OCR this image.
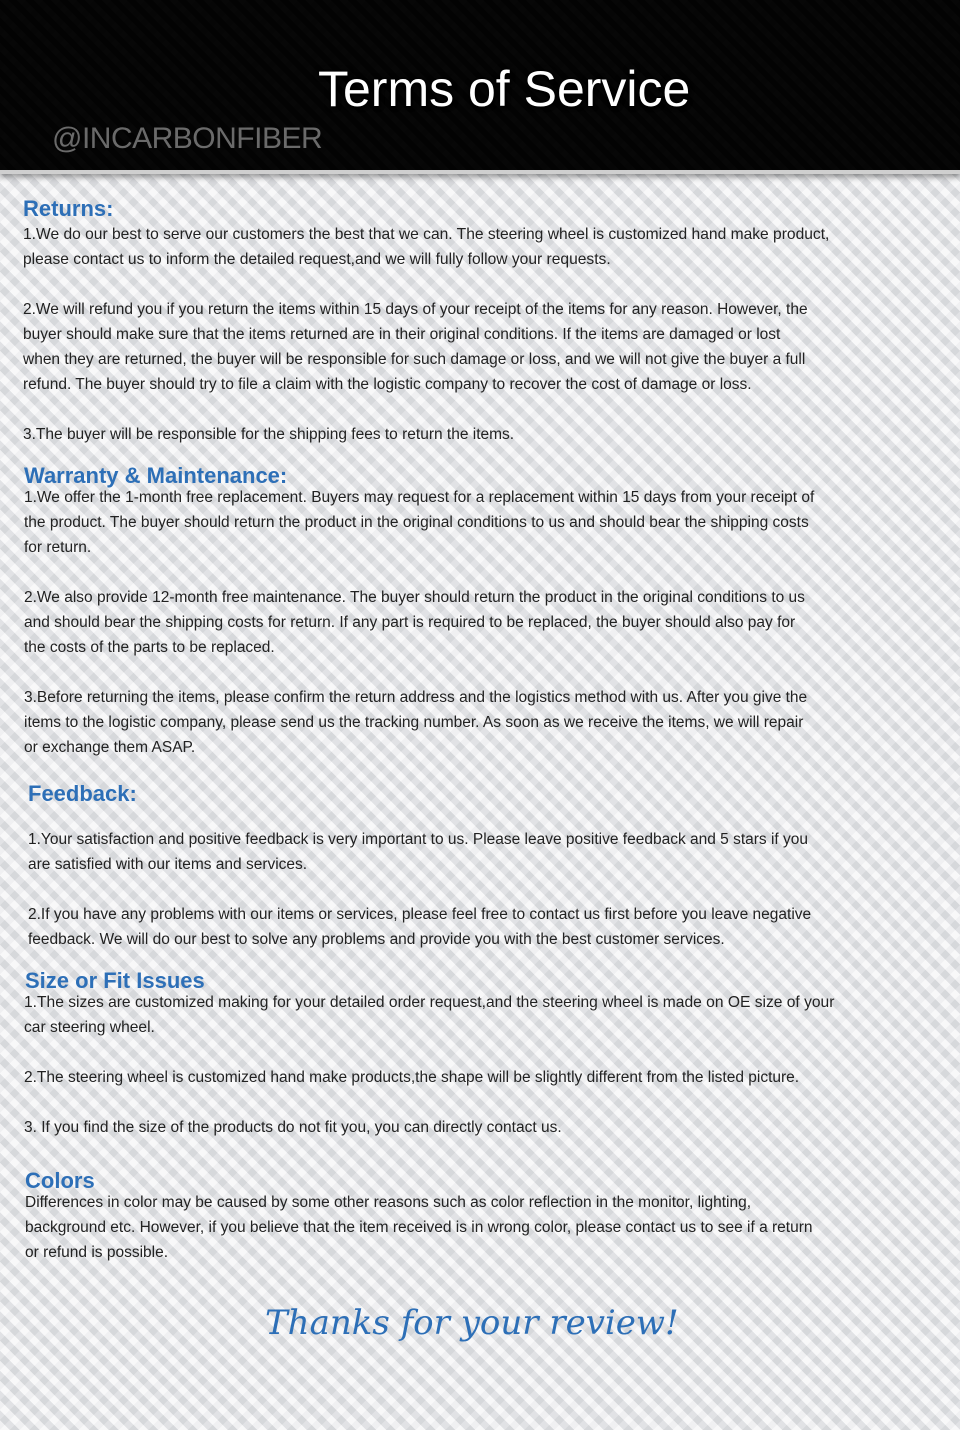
Terms of Service
@INCARBONFIBER
Returns:

1.We do our best to serve our customers the best that we can. The steering wheel is customized hand make product,
please contact us to inform the detailed request,and we will fully follow your requests.

2.We will refund you if you return the items within 15 days of your receipt of the items for any reason. However, the
buyer should make sure that the items returned are in their original conditions. If the items are damaged or lost
when they are returned, the buyer will be responsible for such damage or loss, and we will not give the buyer a full
refund. The buyer should try to file a claim with the logistic company to recover the cost of damage or loss.

3.The buyer will be responsible for the shipping fees to return the items.

Warranty & Maintenance:

1.We offer the 1-month free replacement. Buyers may request for a replacement within 15 days from your receipt of
the product. The buyer should return the product in the original conditions to us and should bear the shipping costs
for return.

2.We also provide 12-month free maintenance. The buyer should return the product in the original conditions to us
and should bear the shipping costs for return. If any part is required to be replaced, the buyer should also pay for
the costs of the parts to be replaced.

3.Before returning the items, please confirm the return address and the logistics method with us. After you give the
items to the logistic company, please send us the tracking number. As soon as we receive the items, we will repair
or exchange them ASAP.

Feedback:

1.Your satisfaction and positive feedback is very important to us. Please leave positive feedback and 5 stars if you
are satisfied with our items and services.

2.If you have any problems with our items or services, please feel free to contact us first before you leave negative
feedback. We will do our best to solve any problems and provide you with the best customer services.

Size or Fit Issues

1.The sizes are customized making for your detailed order request,and the steering wheel is made on OE size of your
car steering wheel.

2.The steering wheel is customized hand make products,the shape will be slightly different from the listed picture.

3. If you find the size of the products do not fit you, you can directly contact us.

Colors

Differences in color may be caused by some other reasons such as color reflection in the monitor, lighting,
background etc. However, if you believe that the item received is in wrong color, please contact us to see if a return
or refund is possible.

Thanks for your review!
